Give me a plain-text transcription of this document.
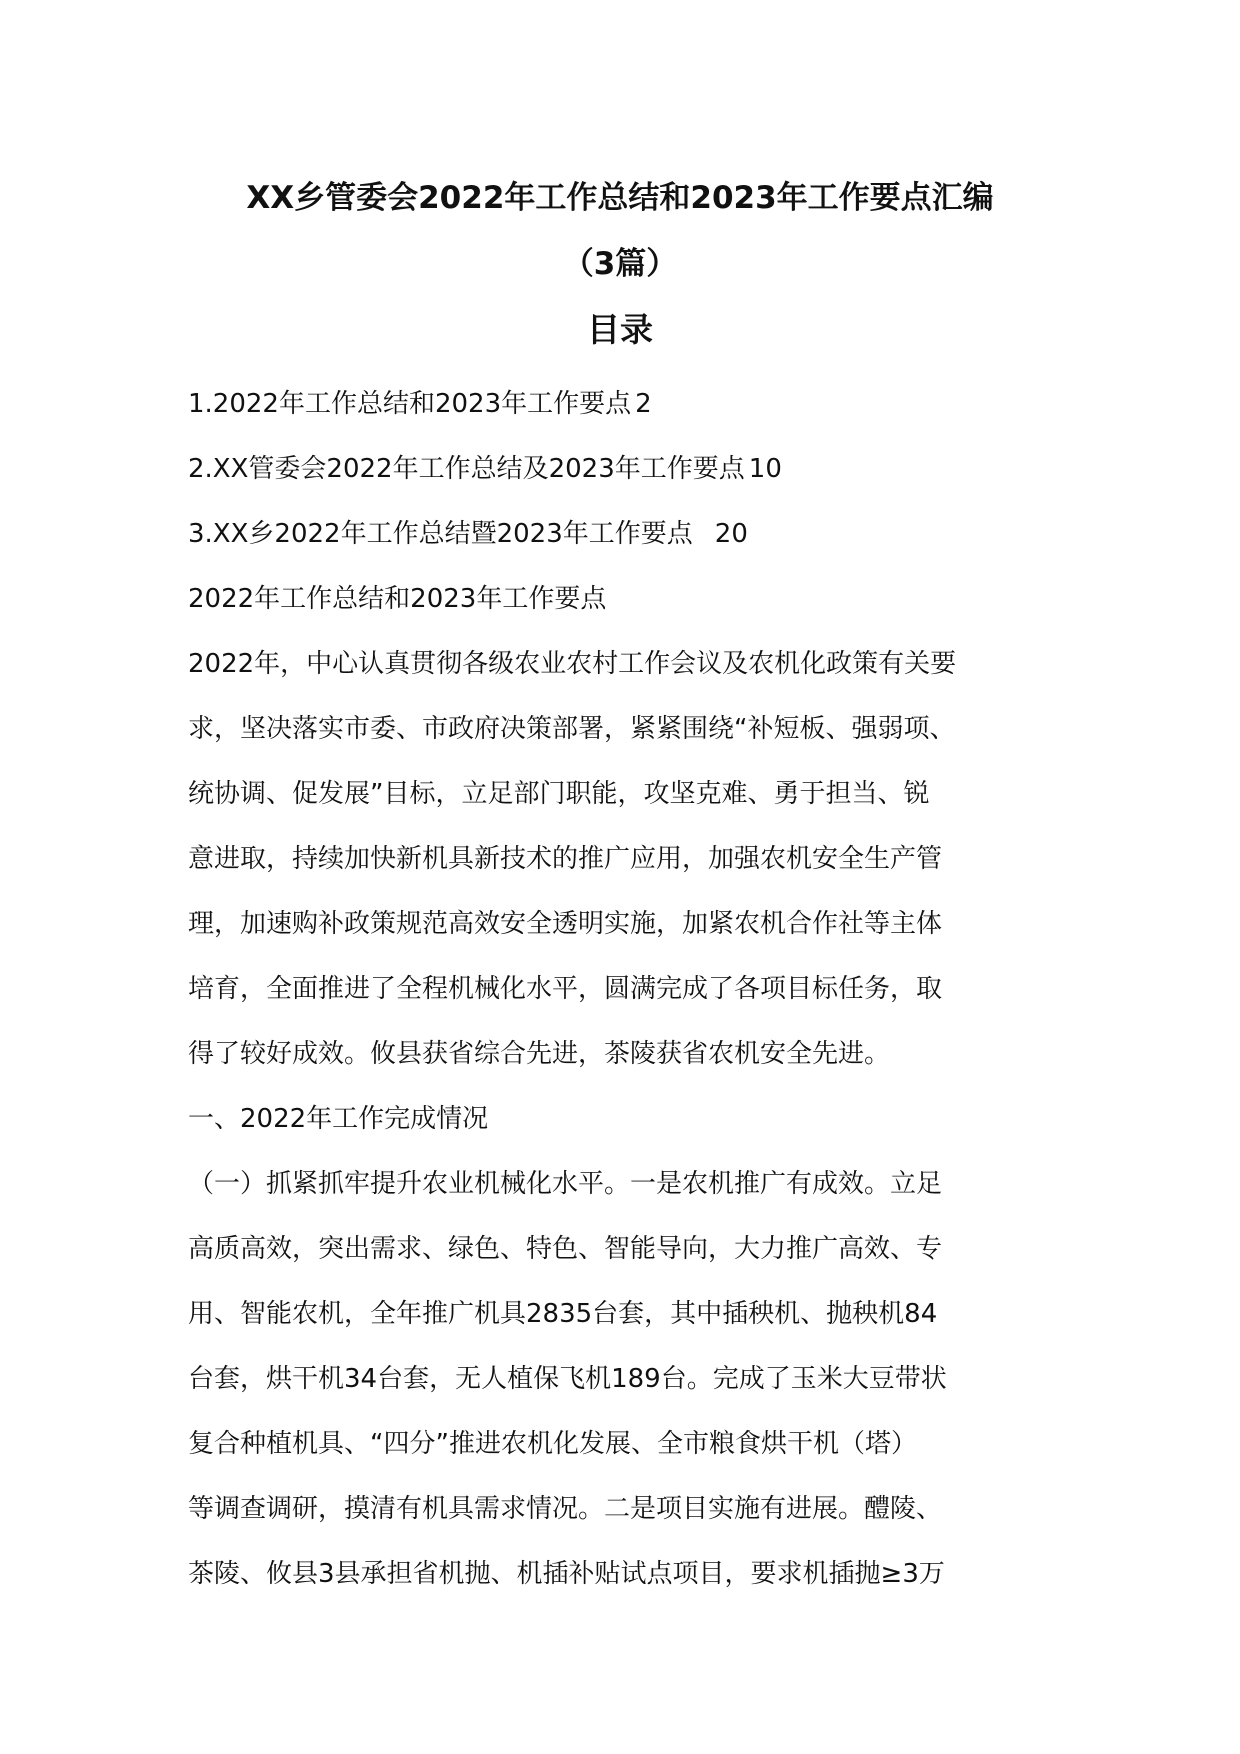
XX乡管委会2022年工作总结和2023年工作要点汇编
（3篇）
目录
1.2022年工作总结和2023年工作要点 2
2.XX管委会2022年工作总结及2023年工作要点 10
3.XX乡2022年工作总结暨2023年工作要点 20

2022年工作总结和2023年工作要点

2022年，中心认真贯彻各级农业农村工作会议及农机化政策有关要

求，坚决落实市委、市政府决策部署，紧紧围绕“补短板、强弱项、

统协调、促发展”目标，立足部门职能，攻坚克难、勇于担当、锐

意进取，持续加快新机具新技术的推广应用，加强农机安全生产管

理，加速购补政策规范高效安全透明实施，加紧农机合作社等主体

培育，全面推进了全程机械化水平，圆满完成了各项目标任务，取

得了较好成效。攸县获省综合先进，茶陵获省农机安全先进。

一、2022年工作完成情况

（一）抓紧抓牢提升农业机械化水平。一是农机推广有成效。立足

高质高效，突出需求、绿色、特色、智能导向，大力推广高效、专

用、智能农机，全年推广机具2835台套，其中插秧机、抛秧机84

台套，烘干机34台套，无人植保飞机189台。完成了玉米大豆带状

复合种植机具、“四分”推进农机化发展、全市粮食烘干机（塔）

等调查调研，摸清有机具需求情况。二是项目实施有进展。醴陵、

茶陵、攸县3县承担省机抛、机插补贴试点项目，要求机插抛≥3万
